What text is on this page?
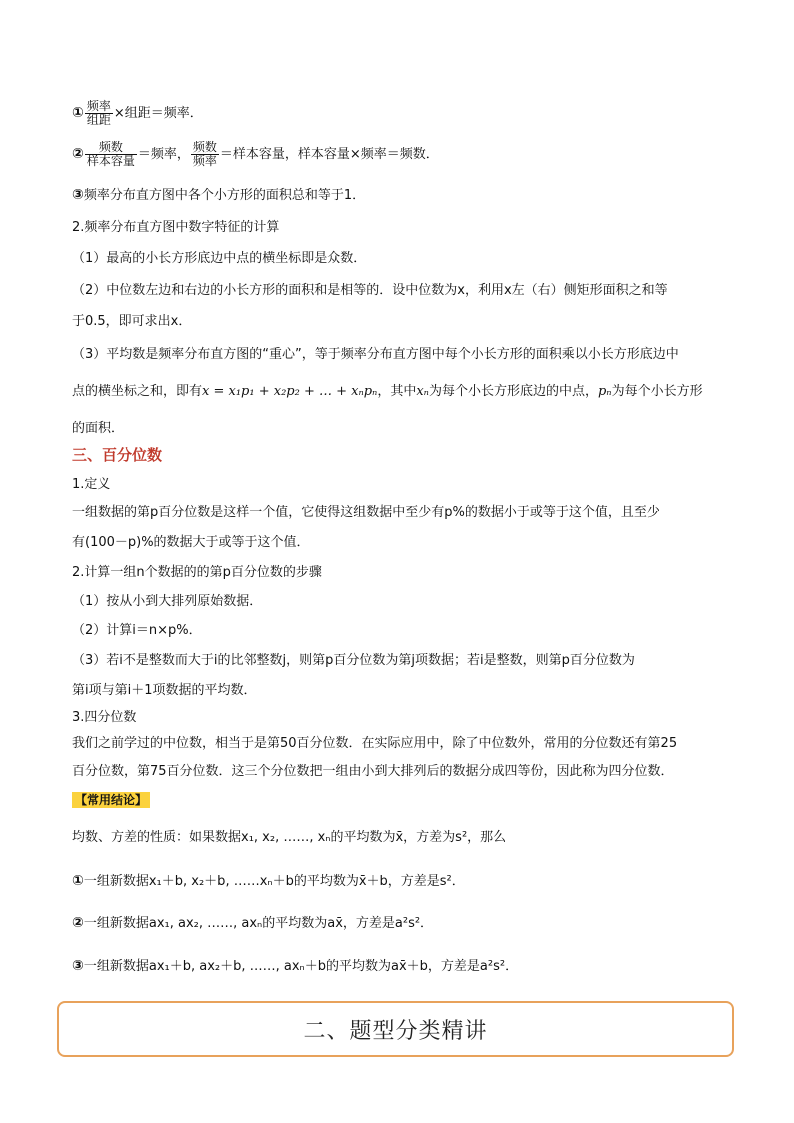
① $\frac{\text{频率}}{\text{组距}}$ ×组距＝频率．
② $\frac{\text{频数}}{\text{样本容量}}$ ＝频率， $\frac{\text{频数}}{\text{频率}}$ ＝样本容量，样本容量×频率＝频数．
③频率分布直方图中各个小方形的面积总和等于1．
2.频率分布直方图中数字特征的计算
（1）最高的小长方形底边中点的横坐标即是众数．
（2）中位数左边和右边的小长方形的面积和是相等的．设中位数为x，利用x左（右）侧矩形面积之和等
于0.5，即可求出x．
（3）平均数是频率分布直方图的“重心”，等于频率分布直方图中每个小长方形的面积乘以小长方形底边中
点的横坐标之和，即有x = x₁p₁ + x₂p₂ + … + xₙpₙ，其中xₙ为每个小长方形底边的中点，pₙ为每个小长方形
的面积．
三、百分位数
1.定义
一组数据的第p百分位数是这样一个值，它使得这组数据中至少有p%的数据小于或等于这个值，且至少
有(100－p)%的数据大于或等于这个值．
2.计算一组n个数据的的第p百分位数的步骤
（1）按从小到大排列原始数据．
（2）计算i＝n×p%．
（3）若i不是整数而大于i的比邻整数j，则第p百分位数为第j项数据；若i是整数，则第p百分位数为
第i项与第i＋1项数据的平均数．
3.四分位数
我们之前学过的中位数，相当于是第50百分位数．在实际应用中，除了中位数外，常用的分位数还有第25
百分位数，第75百分位数．这三个分位数把一组由小到大排列后的数据分成四等份，因此称为四分位数．
【常用结论】
均数、方差的性质：如果数据x₁, x₂, ……, xₙ的平均数为x̄，方差为s²，那么
①一组新数据x₁＋b, x₂＋b, ……xₙ＋b的平均数为x̄＋b，方差是s²．
②一组新数据ax₁, ax₂, ……, axₙ的平均数为ax̄，方差是a²s²．
③一组新数据ax₁＋b, ax₂＋b, ……, axₙ＋b的平均数为ax̄＋b，方差是a²s²．
二、题型分类精讲
